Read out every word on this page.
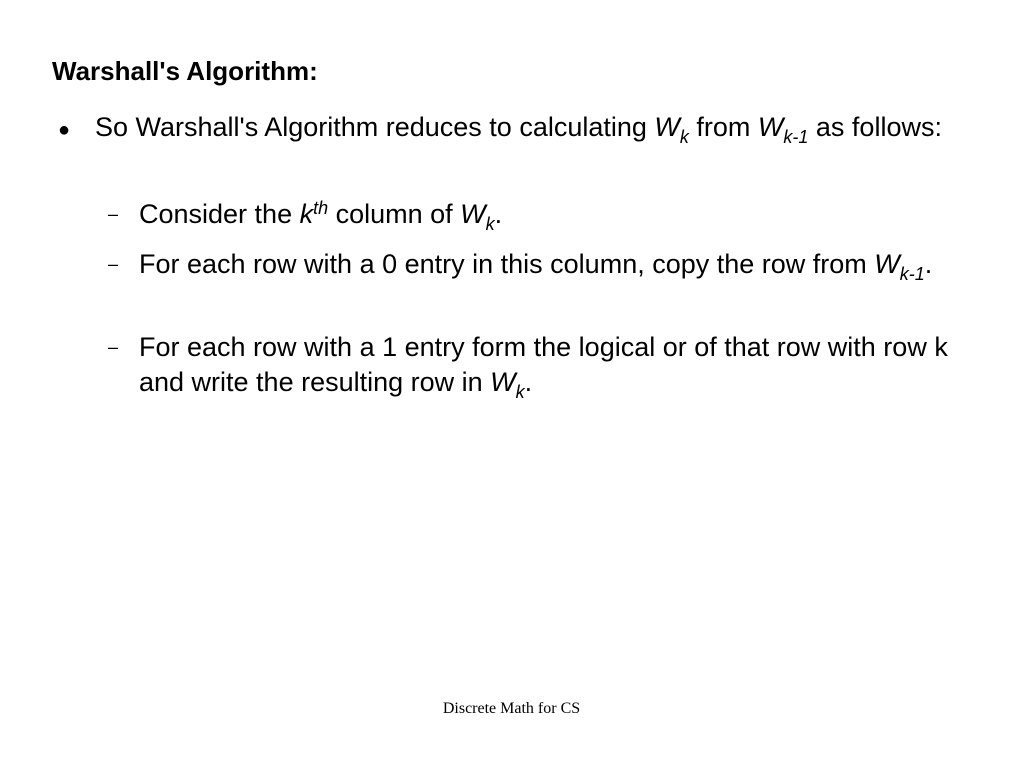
Warshall's Algorithm:
● So Warshall's Algorithm reduces to calculating $W_k$ from $W_{k-1}$ as follows:
– Consider the $k^{th}$ column of $W_k$.
– For each row with a 0 entry in this column, copy the row from $W_{k-1}$.
– For each row with a 1 entry form the logical or of that row with row k and write the resulting row in $W_k$.
Discrete Math for CS
